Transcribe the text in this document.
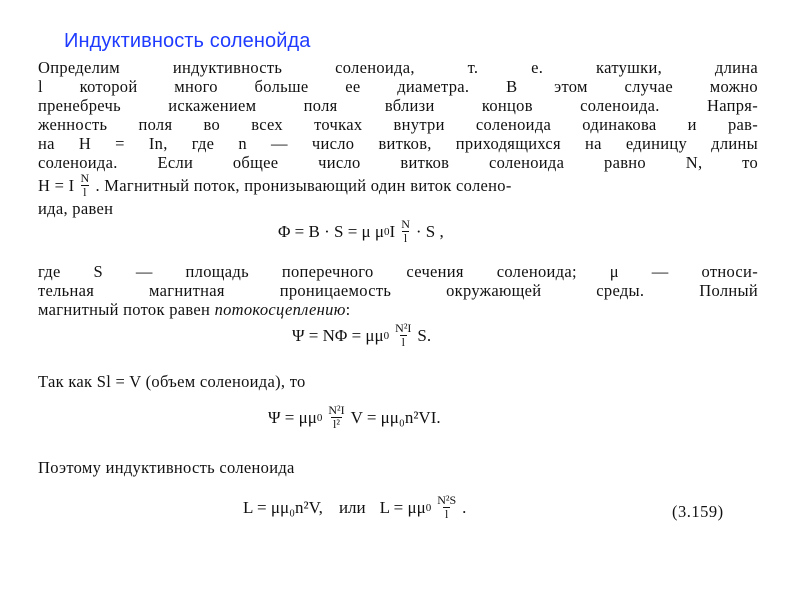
Индуктивность соленойда

Определим индуктивность соленоида, т. е. катушки, длина
l которой много больше ее диаметра. В этом случае можно
пренебречь искажением поля вблизи концов соленоида. Напря-
женность поля во всех точках внутри соленоида одинакова и рав-
на H = In, где n — число витков, приходящихся на единицу длины
соленоида. Если общее число витков соленоида равно N, то
H = I $\frac{N}{l}$ . Магнитный поток, пронизывающий один виток солено-
ида, равен

Φ = B · S = μ μ 0 I $\frac{N}{l} \cdot S$ ,

где S — площадь поперечного сечения соленоида; μ — относи-
тельная магнитная проницаемость окружающей среды. Полный
магнитный поток равен потокосцеплению:

Ψ = NΦ = μμ $0 \frac{\text{N²I}}{l} S$.

Так как Sl = V (объем соленоида), то

Ψ = μμ $0 \frac{\text{N²I}}{\text{l²}}$ V = μμ₀n²VI.

Поэтому индуктивность соленоида

L = μμ₀n²V, или L = μμ $0 \frac{\text{N²S}}{l}$ .	(3.159)
